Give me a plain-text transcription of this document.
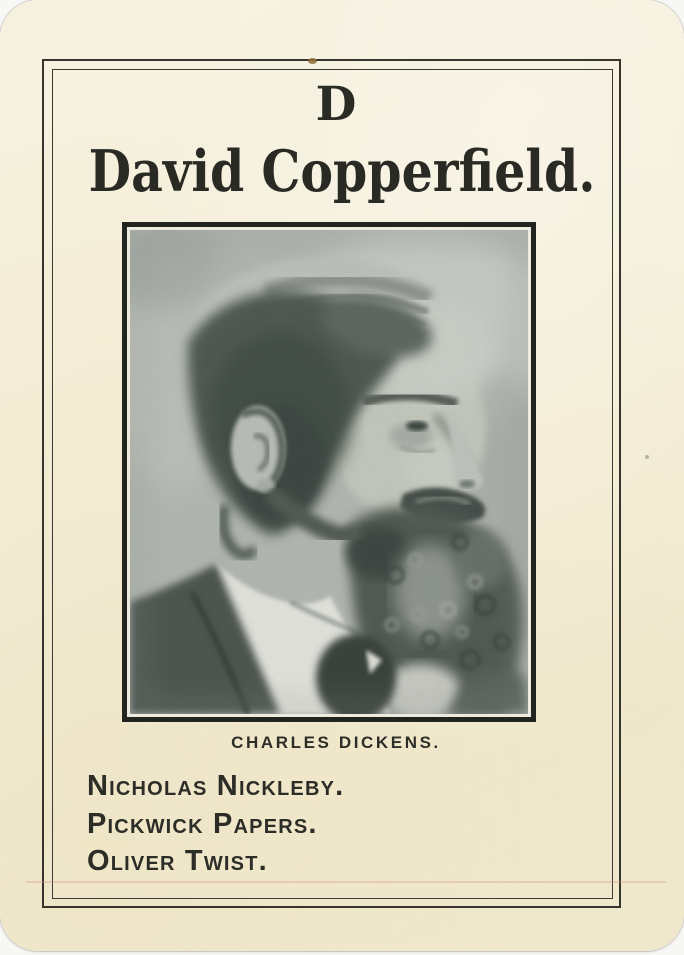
D
David Copperfield.
CHARLES DICKENS.
Nicholas Nickleby.
Pickwick Papers.
Oliver Twist.
